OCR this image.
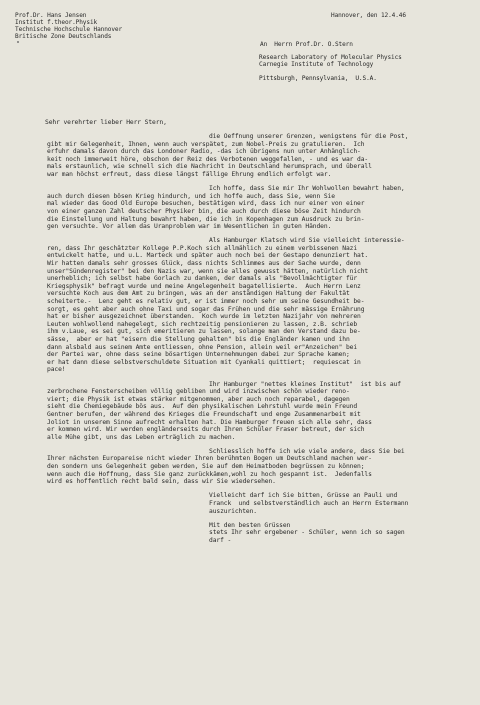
Prof.Dr. Hans Jensen
Institut f.theor.Physik
Technische Hochschule Hannover
Britische Zone Deutschlands
Hannover, den 12.4.46
An  Herrn Prof.Dr. O.Stern
Research Laboratory of Molecular Physics
Carnegie Institute of Technology
Pittsburgh, Pennsylvania,  U.S.A.
Sehr verehrter lieber Herr Stern,
die Oeffnung unserer Grenzen, wenigstens für die Post,
gibt mir Gelegenheit, Ihnen, wenn auch verspätet, zum Nobel-Preis zu gratulieren.  Ich
erfuhr damals davon durch das Londoner Radio, -das ich übrigens nun unter Anhänglich-
keit noch immerweit höre, obschon der Reiz des Verbotenen weggefallen, - und es war da-
mals erstaunlich, wie schnell sich die Nachricht in Deutschland herumsprach, und überall
war man höchst erfreut, dass diese längst fällige Ehrung endlich erfolgt war.
Ich hoffe, dass Sie mir Ihr Wohlwollen bewahrt haben,
auch durch diesen bösen Krieg hindurch, und ich hoffe auch, dass Sie, wenn Sie
mal wieder das Good Old Europe besuchen, bestätigen wird, dass ich nur einer von einer
von einer ganzen Zahl deutscher Physiker bin, die auch durch diese böse Zeit hindurch
die Einstellung und Haltung bewahrt haben, die ich in Kopenhagen zum Ausdruck zu brin-
gen versuchte. Vor allem das Uranproblem war im Wesentlichen in guten Händen.
Als Hamburger Klatsch wird Sie vielleicht interessie-
ren, dass Ihr geschätzter Kollege P.P.Koch sich allmählich zu einem verbissenen Nazi
entwickelt hatte, und u.L. Marteck und später auch noch bei der Gestapo denunziert hat.
Wir hatten damals sehr grosses Glück, dass nichts Schlimmes aus der Sache wurde, denn
unser"Sündenregister" bei den Nazis war, wenn sie alles gewusst hätten, natürlich nicht
unerheblich; ich selbst habe Gorlach zu danken, der damals als "Bevollmächtigter für
Kriegsphysik" befragt wurde und meine Angelegenheit bagatellisierte.  Auch Herrn Lenz
versuchte Koch aus dem Amt zu bringen, was an der anständigen Haltung der Fakultät
scheiterte.-  Lenz geht es relativ gut, er ist immer noch sehr um seine Gesundheit be-
sorgt, es geht aber auch ohne Taxi und sogar das Frühen und die sehr mässige Ernährung
hat er bisher ausgezeichnet überstanden.  Koch wurde im letzten Nazijahr von mehreren
Leuten wohlwollend nahegelegt, sich rechtzeitig pensionieren zu lassen, z.B. schrieb
ihm v.Laue, es sei gut, sich emeritieren zu lassen, solange man den Verstand dazu be-
sässe,  aber er hat "eisern die Stellung gehalten" bis die Engländer kamen und ihn
dann alsbald aus seinem Amte entliessen, ohne Pension, allein weil er"Anzeichen" bei
der Partei war, ohne dass seine bösartigen Unternehmungen dabei zur Sprache kamen;
er hat dann diese selbstverschuldete Situation mit Cyankali quittiert;  requiescat in
pace!
Ihr Hamburger "nettes kleines Institut"  ist bis auf
zerbrochene Fensterscheiben völlig gebliben und wird inzwischen schön wieder reno-
viert; die Physik ist etwas stärker mitgenommen, aber auch noch reparabel, dagegen
sieht die Chemiegebäude bös aus.  Auf den physikalischen Lehrstuhl wurde mein Freund
Gentner berufen, der während des Krieges die Freundschaft und enge Zusammenarbeit mit
Joliot in unserem Sinne aufrecht erhalten hat. Die Hamburger freuen sich alle sehr, dass
er kommen wird. Wir werden engländerseits durch Ihren Schüler Fraser betreut, der sich
alle Mühe gibt, uns das Leben erträglich zu machen.
Schliesslich hoffe ich wie viele andere, dass Sie bei
Ihrer nächsten Europareise nicht wieder Ihren berühmten Bogen um Deutschland machen wer-
den sondern uns Gelegenheit geben werden, Sie auf dem Heimatboden begrüssen zu können;
wenn auch die Hoffnung, dass Sie ganz zurückkämen,wohl zu hoch gespannt ist.  Jedenfalls
wird es hoffentlich recht bald sein, dass wir Sie wiedersehen.
Vielleicht darf ich Sie bitten, Grüsse an Pauli und
Franck  und selbstverständlich auch an Herrn Estermann
auszurichten.
Mit den besten Grüssen
stets Ihr sehr ergebener - Schüler, wenn ich so sagen
darf -
